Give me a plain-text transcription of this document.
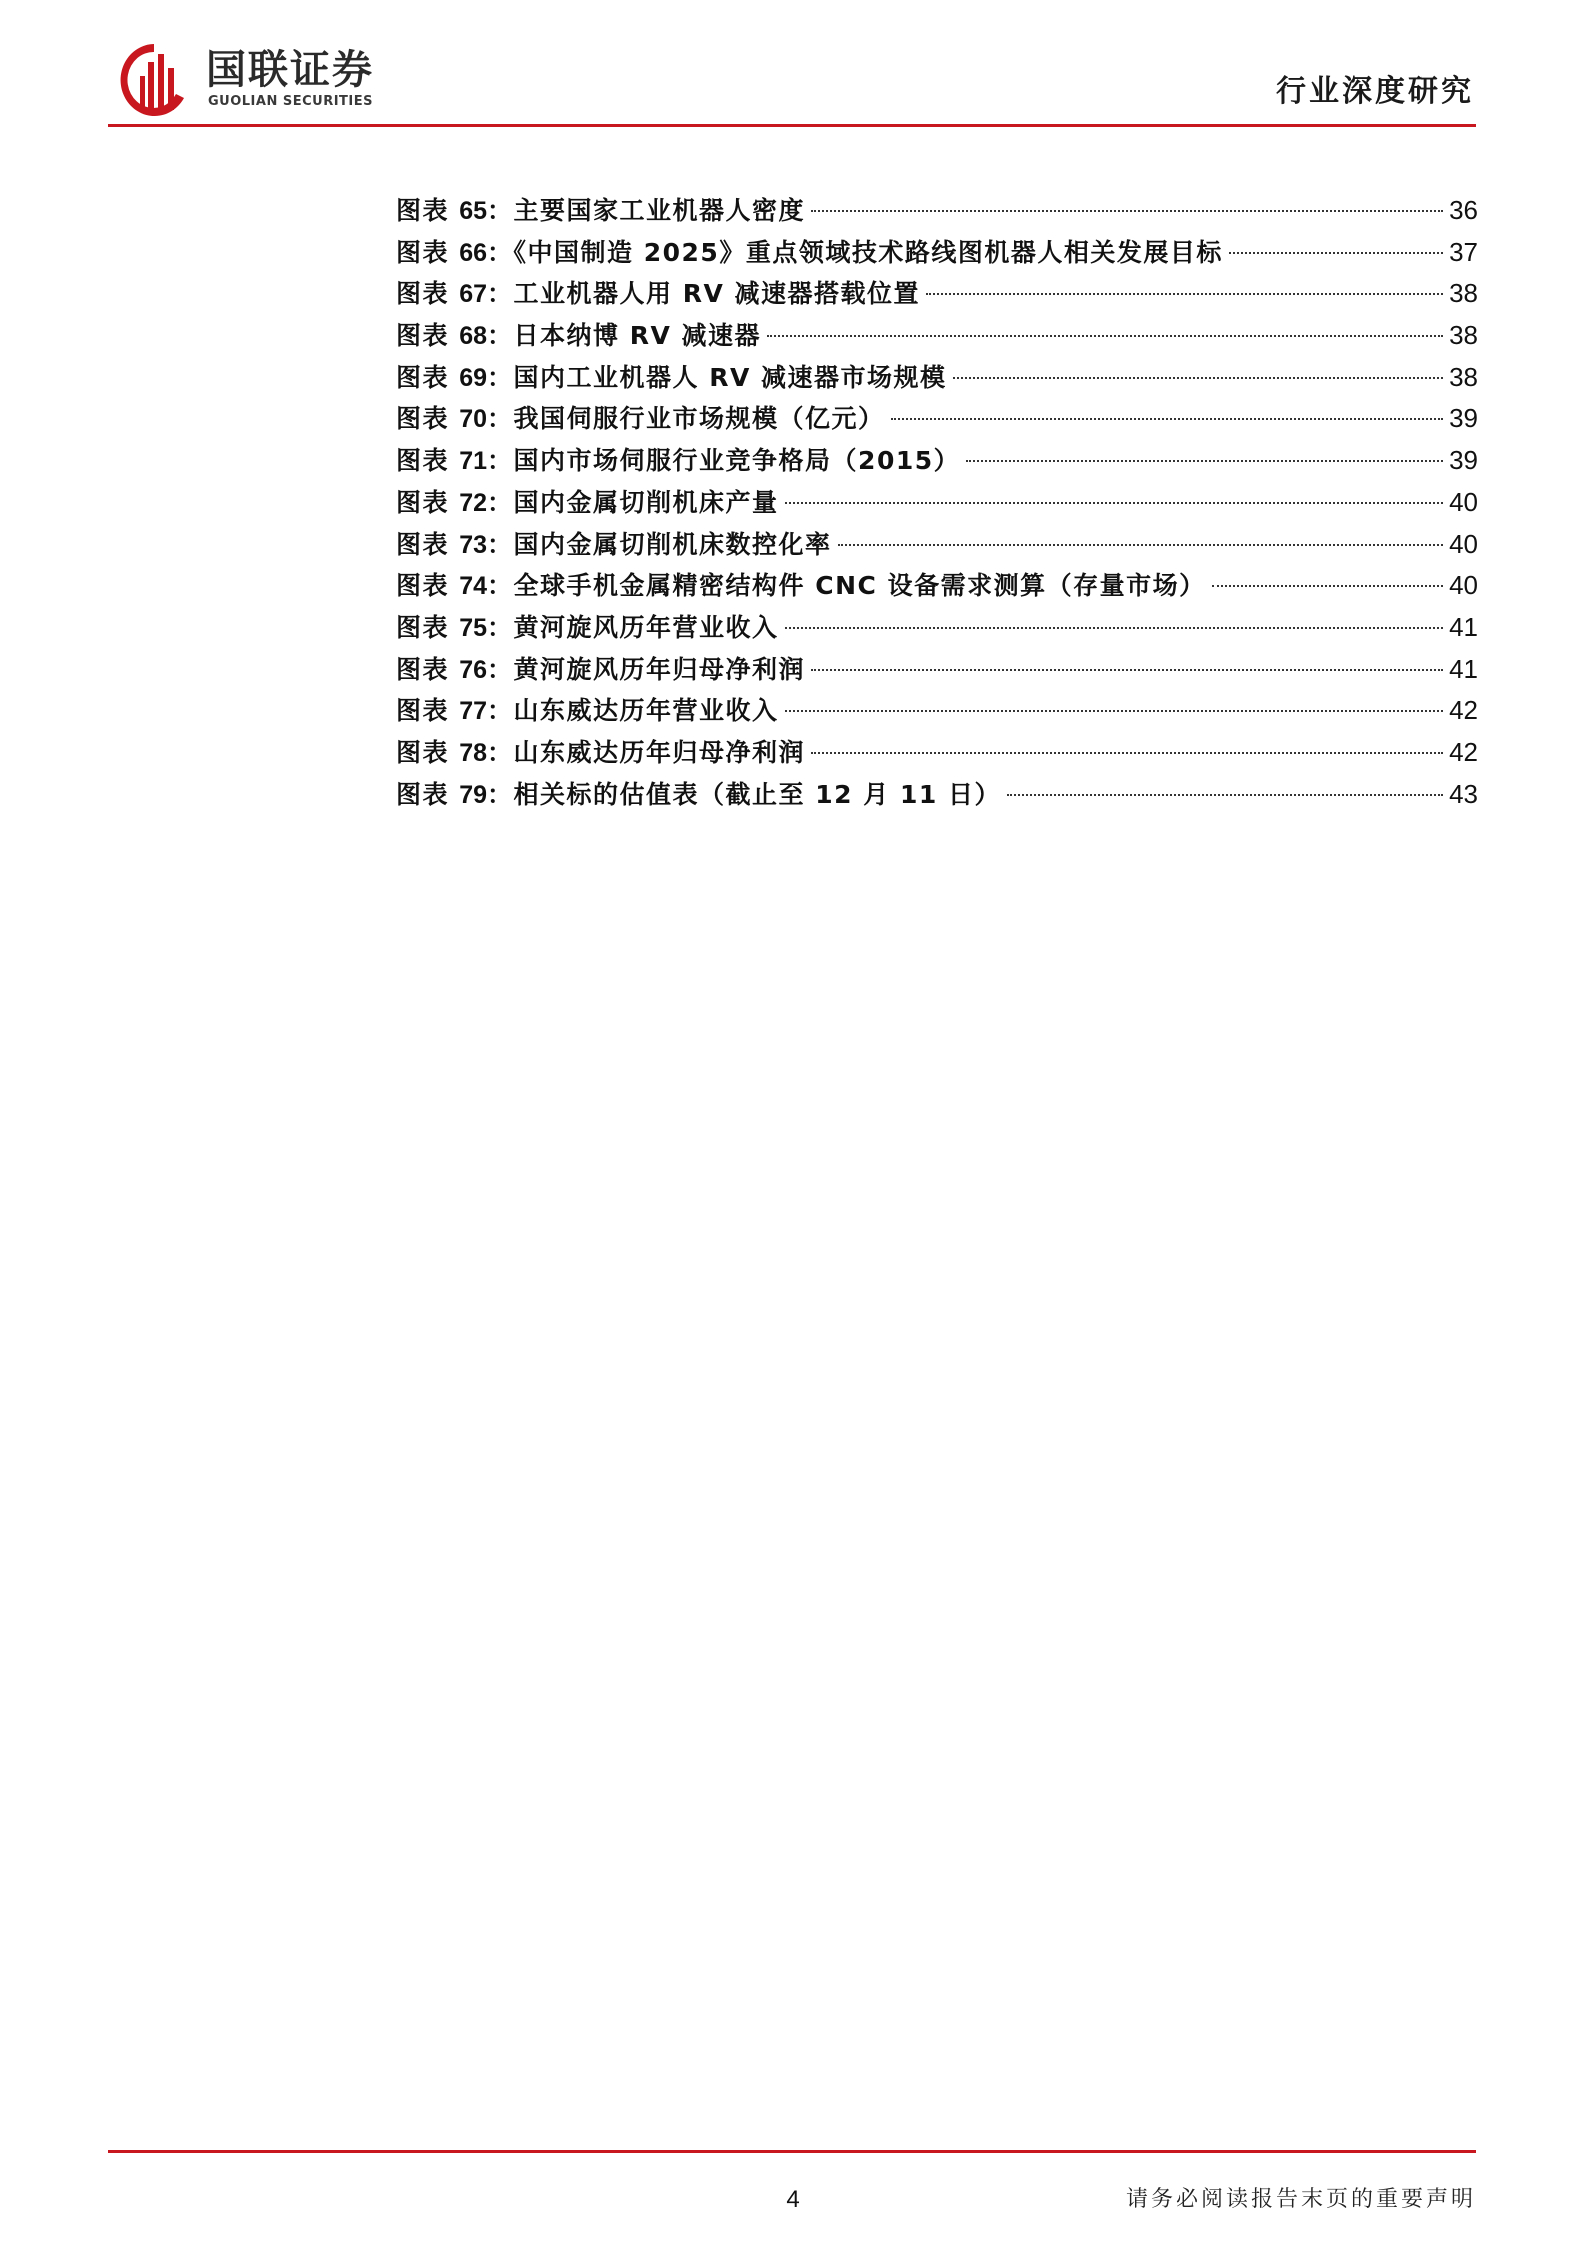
国联证券
GUOLIAN SECURITIES	行业深度研究
图表 65：主要国家工业机器人密度	36
图表 66：《中国制造 2025》重点领域技术路线图机器人相关发展目标	37
图表 67：工业机器人用 RV 减速器搭载位置	38
图表 68：日本纳博 RV 减速器	38
图表 69：国内工业机器人 RV 减速器市场规模	38
图表 70：我国伺服行业市场规模（亿元）	39
图表 71：国内市场伺服行业竞争格局（2015）	39
图表 72：国内金属切削机床产量	40
图表 73：国内金属切削机床数控化率	40
图表 74：全球手机金属精密结构件 CNC 设备需求测算（存量市场）	40
图表 75：黄河旋风历年营业收入	41
图表 76：黄河旋风历年归母净利润	41
图表 77：山东威达历年营业收入	42
图表 78：山东威达历年归母净利润	42
图表 79：相关标的估值表（截止至 12 月 11 日）	43
4	请务必阅读报告末页的重要声明
